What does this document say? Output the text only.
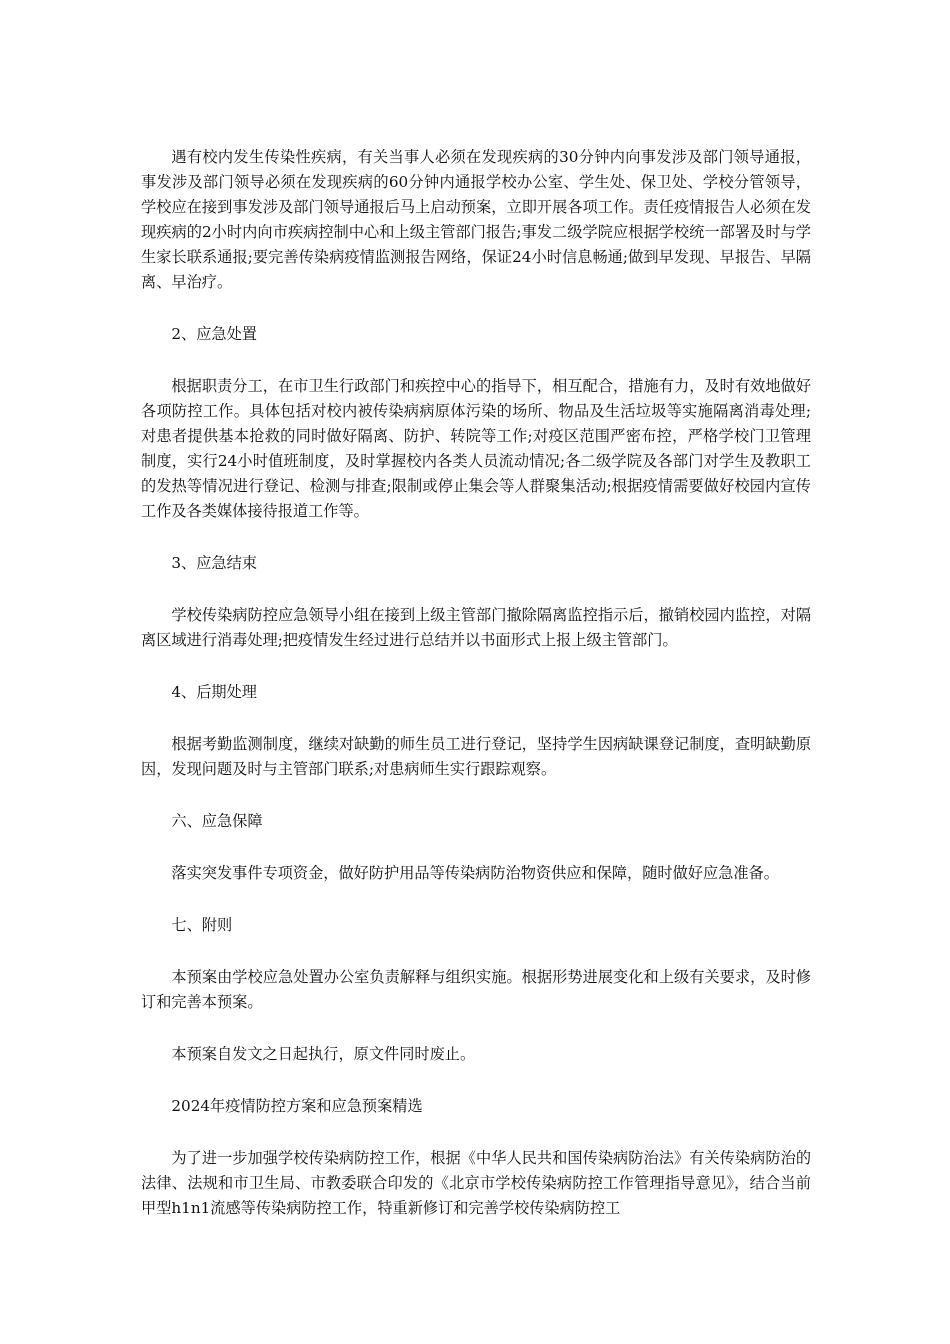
遇有校内发生传染性疾病，有关当事人必须在发现疾病的30分钟内向事发涉及部门领导通报，事发涉及部门领导必须在发现疾病的60分钟内通报学校办公室、学生处、保卫处、学校分管领导，学校应在接到事发涉及部门领导通报后马上启动预案，立即开展各项工作。责任疫情报告人必须在发现疾病的2小时内向市疾病控制中心和上级主管部门报告;事发二级学院应根据学校统一部署及时与学生家长联系通报;要完善传染病疫情监测报告网络，保证24小时信息畅通;做到早发现、早报告、早隔离、早治疗。

2、应急处置

根据职责分工，在市卫生行政部门和疾控中心的指导下，相互配合，措施有力，及时有效地做好各项防控工作。具体包括对校内被传染病病原体污染的场所、物品及生活垃圾等实施隔离消毒处理;对患者提供基本抢救的同时做好隔离、防护、转院等工作;对疫区范围严密布控，严格学校门卫管理制度，实行24小时值班制度，及时掌握校内各类人员流动情况;各二级学院及各部门对学生及教职工的发热等情况进行登记、检测与排查;限制或停止集会等人群聚集活动;根据疫情需要做好校园内宣传工作及各类媒体接待报道工作等。

3、应急结束

学校传染病防控应急领导小组在接到上级主管部门撤除隔离监控指示后，撤销校园内监控，对隔离区域进行消毒处理;把疫情发生经过进行总结并以书面形式上报上级主管部门。

4、后期处理

根据考勤监测制度，继续对缺勤的师生员工进行登记，坚持学生因病缺课登记制度，查明缺勤原因，发现问题及时与主管部门联系;对患病师生实行跟踪观察。

六、应急保障

落实突发事件专项资金，做好防护用品等传染病防治物资供应和保障，随时做好应急准备。

七、附则

本预案由学校应急处置办公室负责解释与组织实施。根据形势进展变化和上级有关要求，及时修订和完善本预案。

本预案自发文之日起执行，原文件同时废止。

2024年疫情防控方案和应急预案精选

为了进一步加强学校传染病防控工作，根据《中华人民共和国传染病防治法》有关传染病防治的法律、法规和市卫生局、市教委联合印发的《北京市学校传染病防控工作管理指导意见》，结合当前甲型h1n1流感等传染病防控工作，特重新修订和完善学校传染病防控工
